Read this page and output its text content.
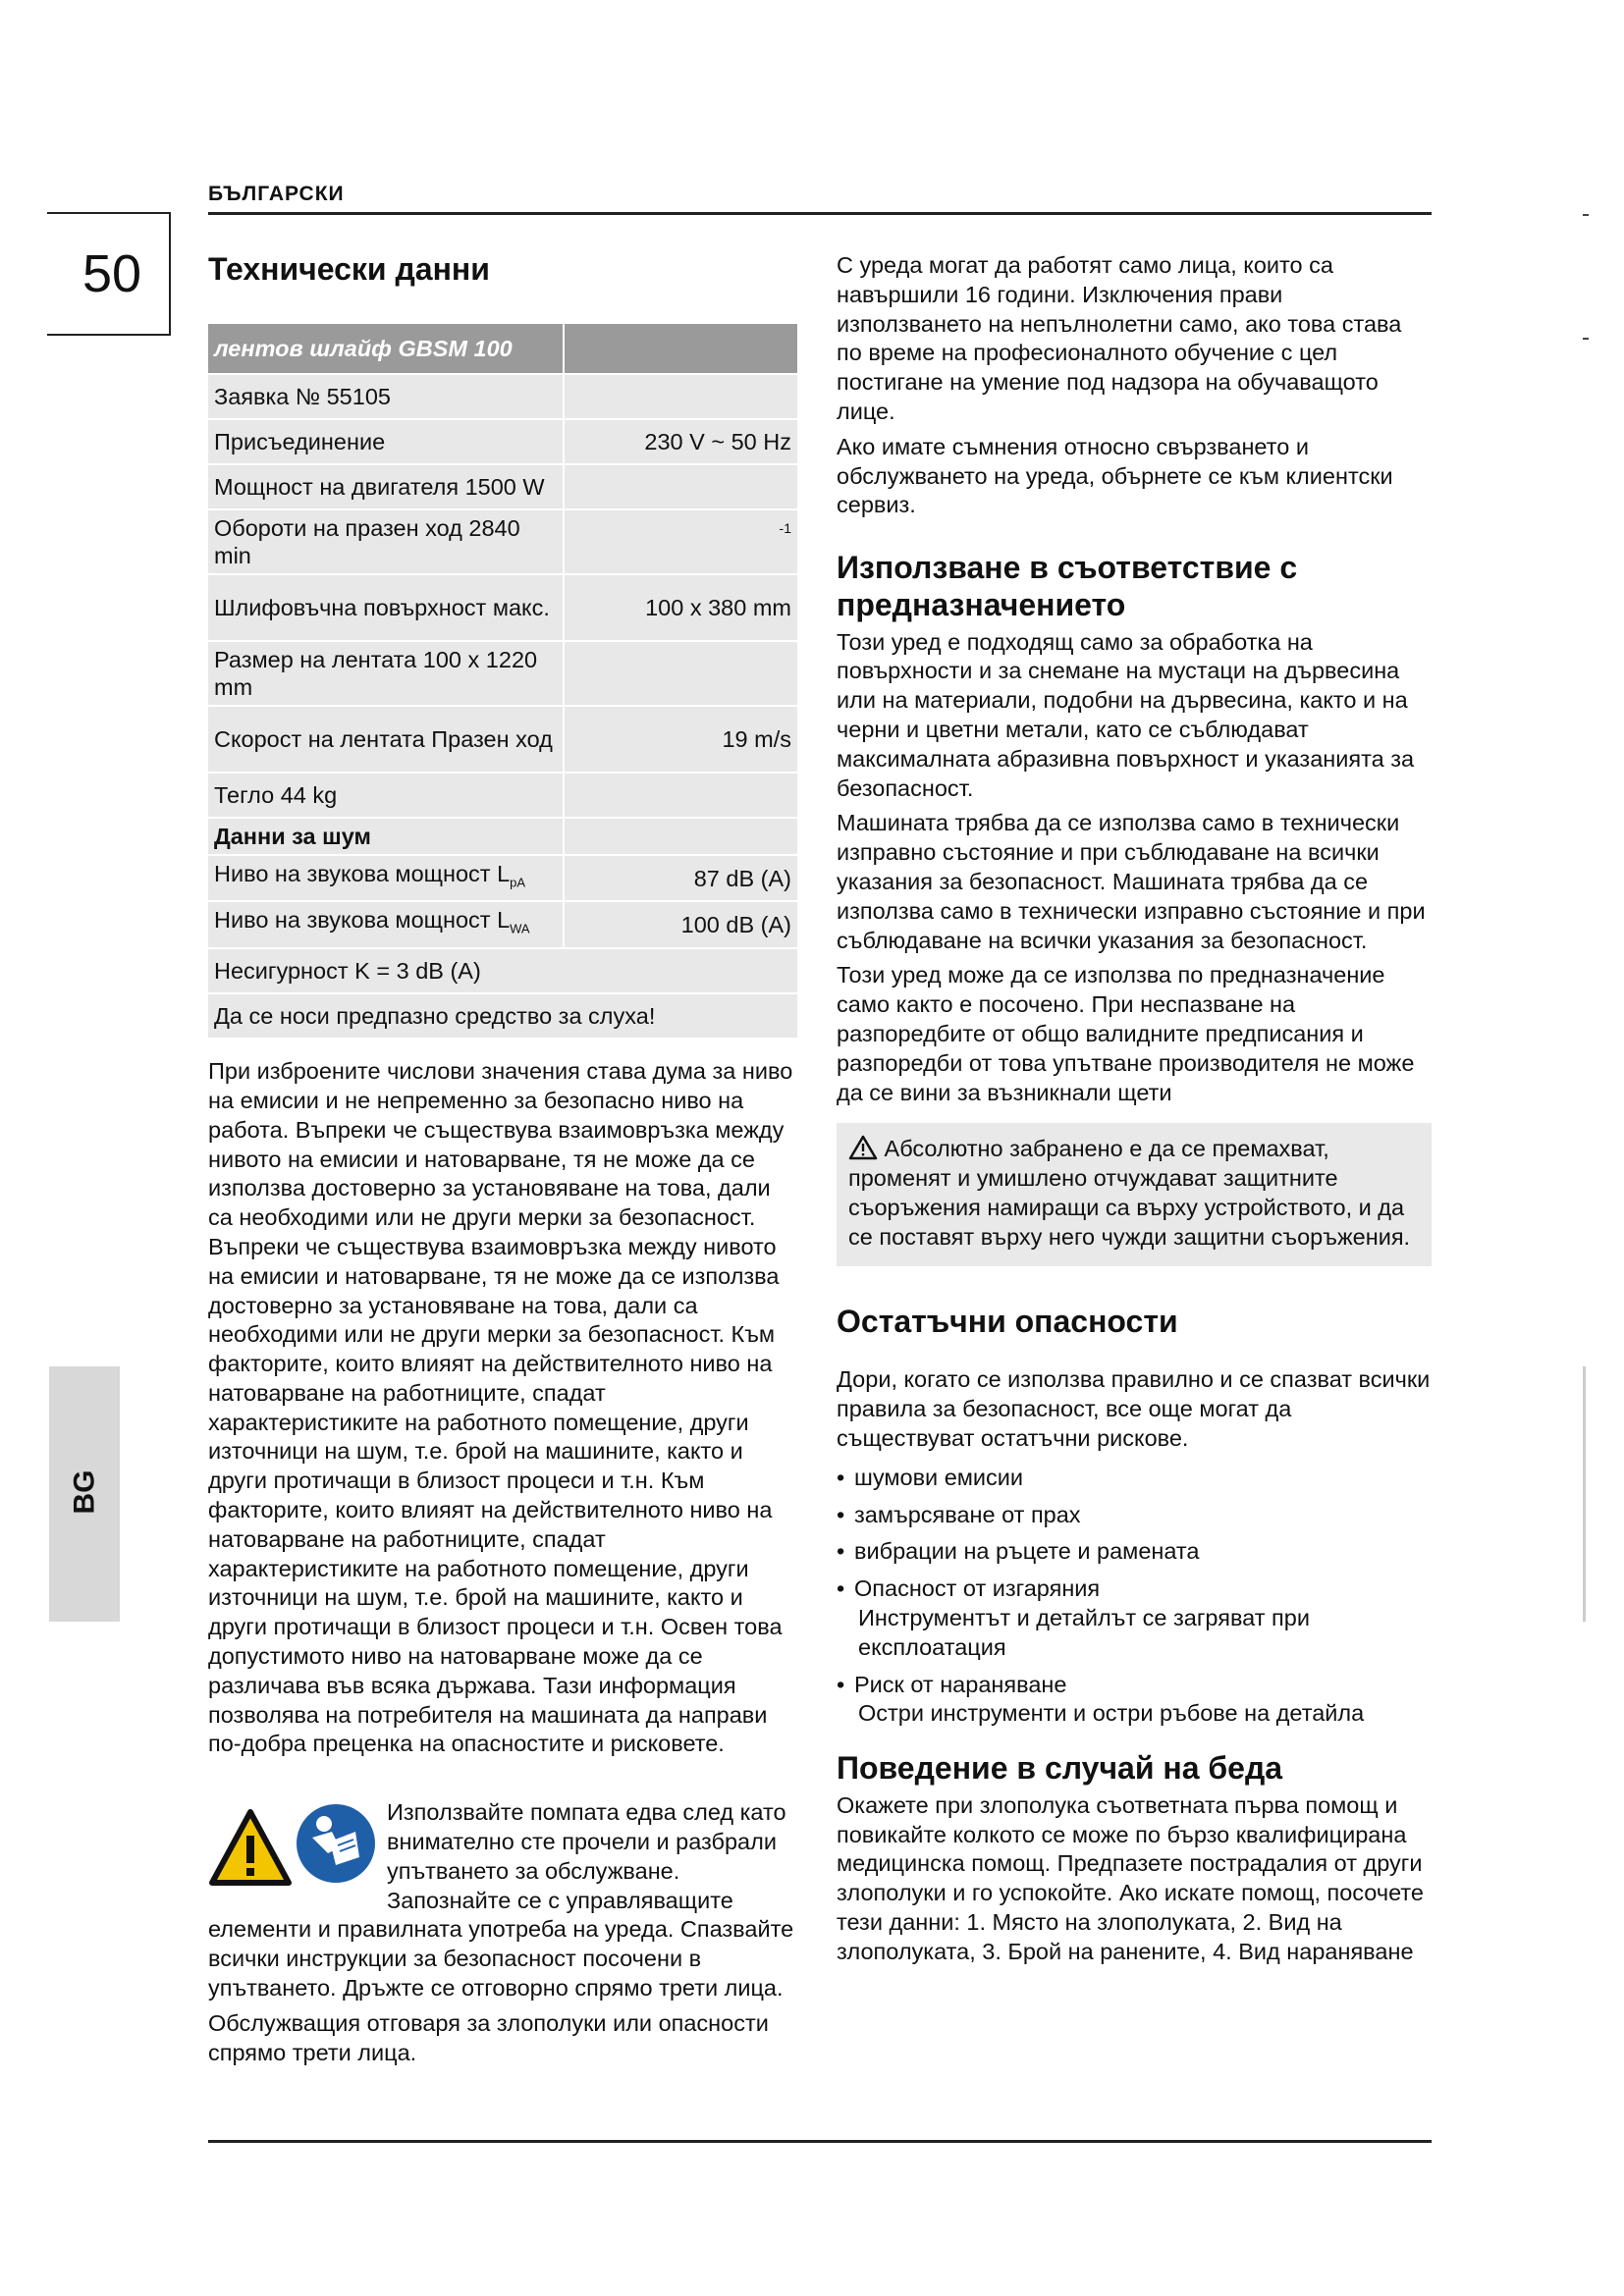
БЪЛГАРСКИ
50
BG
Технически данни
лентов шлайф GBSM 100	
Заявка № 55105	
Присъединение	230 V ~ 50 Hz
Мощност на двигателя 1500 W	
Обороти на празен ход 2840 min	$^{-1}$
Шлифовъчна повърхност макс.	100 x 380 mm
Размер на лентата 100 x 1220 mm	
Скорост на лентата Празен ход	19 m/s
Тегло 44 kg	
Данни за шум	
Ниво на звукова мощност $L_{pA}$	87 dB (A)
Ниво на звукова мощност $L_{WA}$	100 dB (A)
Несигурност K = 3 dB (A)	
Да се носи предпазно средство за слуха!	

При изброените числови значения става дума за ниво на емисии и не непременно за безопасно ниво на работа. Въпреки че съществува взаимовръзка между нивото на емисии и натоварване, тя не може да се използва достоверно за установяване на това, дали са необходими или не други мерки за безопасност. Въпреки че съществува взаимовръзка между нивото на емисии и натоварване, тя не може да се използва достоверно за установяване на това, дали са необходими или не други мерки за безопасност. Към факторите, които влияят на действителното ниво на натоварване на работниците, спадат характеристиките на работното помещение, други източници на шум, т.е. брой на машините, както и други протичащи в близост процеси и т.н. Към факторите, които влияят на действителното ниво на натоварване на работниците, спадат характеристиките на работното помещение, други източници на шум, т.е. брой на машините, както и други протичащи в близост процеси и т.н. Освен това допустимото ниво на натоварване може да се различава във всяка държава. Тази информация позволява на потребителя на машината да направи по-добра преценка на опасностите и рисковете.

Използвайте помпата едва след като внимателно сте прочели и разбрали упътването за обслужване. Запознайте се с управляващите елементи и правилната употреба на уреда. Спазвайте всички инструкции за безопасност посочени в упътването. Дръжте се отговорно спрямо трети лица.

Обслужващия отговаря за злополуки или опасности спрямо трети лица.

С уреда могат да работят само лица, които са навършили 16 години. Изключения прави използването на непълнолетни само, ако това става по време на професионалното обучение с цел постигане на умение под надзора на обучаващото лице.

Ако имате съмнения относно свързването и обслужването на уреда, обърнете се към клиентски сервиз.

Използване в съответствие с предназначението

Този уред е подходящ само за обработка на повърхности и за снемане на мустаци на дървесина или на материали, подобни на дървесина, както и на черни и цветни метали, като се съблюдават максималната абразивна повърхност и указанията за безопасност.

Машината трябва да се използва само в технически изправно състояние и при съблюдаване на всички указания за безопасност. Машината трябва да се използва само в технически изправно състояние и при съблюдаване на всички указания за безопасност.

Този уред може да се използва по предназначение само както е посочено. При неспазване на разпоредбите от общо валидните предписания и разпоредби от това упътване производителя не може да се вини за възникнали щети

Абсолютно забранено е да се премахват, променят и умишлено отчуждават защитните съоръжения намиращи са върху устройството, и да се поставят върху него чужди защитни съоръжения.

Остатъчни опасности

Дори, когато се използва правилно и се спазват всички правила за безопасност, все още могат да съществуват остатъчни рискове.

• шумови емисии
• замърсяване от прах
• вибрации на ръцете и рамената
• Опасност от изгаряния
Инструментът и детайлът се загряват при експлоатация
• Риск от нараняване
Остри инструменти и остри ръбове на детайла
Поведение в случай на беда

Окажете при злополука съответната първа помощ и повикайте колкото се може по бързо квалифицирана медицинска помощ. Предпазете пострадалия от други злополуки и го успокойте. Ако искате помощ, посочете тези данни: 1. Място на злополуката, 2. Вид на злополуката, 3. Брой на ранените, 4. Вид нараняване
